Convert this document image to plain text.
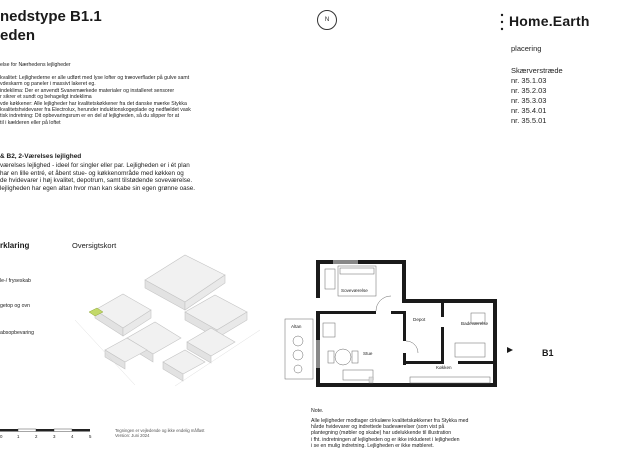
nedstype B1.1
eden
else for Nærhedens lejligheder
N	Home.Earth
placering
Skærverstræde
nr. 35.1.03
nr. 35.2.03
nr. 35.3.03
nr. 35.4.01
nr. 35.5.01
kvalitet: Lejlighederne er alle udført med lyse lofter og træoverflader på gulve samt
vdeskarm og paneler i massivt lakeret eg.
indeklima: Der er anvendt Svanemærkede materialer og installeret sensorer
r sikrer et sundt og behageligt indeklima
vde køkkener: Alle lejligheder har kvalitetskøkkener fra det danske mærke Stykka
kvalitetshvidevarer fra Electrolux, herunder induktionskogeplade og nedfældet vask
tisk indretning: Dit opbevaringsrum er en del af lejligheden, så du slipper for at
til i kælderen eller på loftet
& B2, 2-Værelses lejlighed
værelses lejlighed - ideel for singler eller par. Lejligheden er i ét plan
har en lille entré, et åbent stue- og køkkenområde med køkken og
de hvidevarer i høj kvalitet, depotrum, samt tilstødende soveværelse.
lejligheden har egen altan hvor man kan skabe sin egen grønne oase.
rklaring
le-/ fryseskab
getop og ovn
absopbevaring
Oversigtskort
0	1	2	3	4	5
Tegningen er vejledende og ikke endelig målfast
Version: Juni 2024
Soveværelse
Depot
Badeværelse
Stue
Køkken
Altan
B1
Note.
Alle lejligheder modtager cirkulære kvalitetskøkkener fra Stykka med
hårde hvidevarer og indrettede badeværelser (som vist på
plantegning (møbler og skabe) har udelukkende til illustration
i fht. indretningen af lejligheden og er ikke inkluderet i lejligheden
i se en mulig indretning. Lejligheden er ikke møbleret.
